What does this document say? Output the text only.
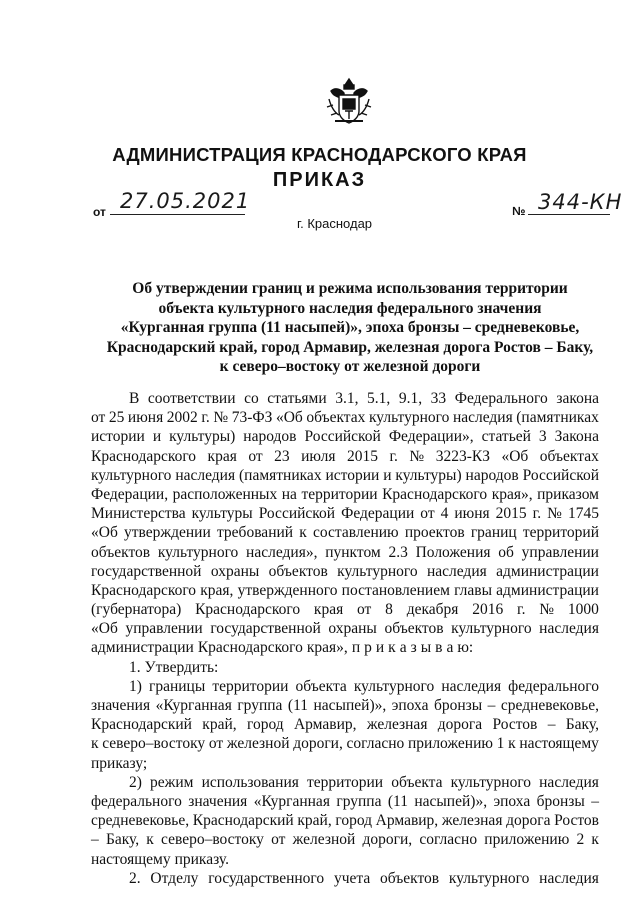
АДМИНИСТРАЦИЯ КРАСНОДАРСКОГО КРАЯ
ПРИКАЗ
от 27.05.2021
г. Краснодар
№ 344-КН
Об утверждении границ и режима использования территории
объекта культурного наследия федерального значения
«Курганная группа (11 насыпей)», эпоха бронзы – средневековье,
Краснодарский край, город Армавир, железная дорога Ростов – Баку,
к северо–востоку от железной дороги
В соответствии со статьями 3.1, 5.1, 9.1, 33 Федерального закона
от 25 июня 2002 г. № 73-ФЗ «Об объектах культурного наследия (памятниках
истории и культуры) народов Российской Федерации», статьей 3 Закона
Краснодарского края от 23 июля 2015 г. № 3223-КЗ «Об объектах
культурного наследия (памятниках истории и культуры) народов Российской
Федерации, расположенных на территории Краснодарского края», приказом
Министерства культуры Российской Федерации от 4 июня 2015 г. № 1745
«Об утверждении требований к составлению проектов границ территорий
объектов культурного наследия», пунктом 2.3 Положения об управлении
государственной охраны объектов культурного наследия администрации
Краснодарского края, утвержденного постановлением главы администрации
(губернатора) Краснодарского края от 8 декабря 2016 г. № 1000
«Об управлении государственной охраны объектов культурного наследия
администрации Краснодарского края», п р и к а з ы в а ю:
1. Утвердить:
1) границы территории объекта культурного наследия федерального
значения «Курганная группа (11 насыпей)», эпоха бронзы – средневековье,
Краснодарский край, город Армавир, железная дорога Ростов – Баку,
к северо–востоку от железной дороги, согласно приложению 1 к настоящему
приказу;
2) режим использования территории объекта культурного наследия
федерального значения «Курганная группа (11 насыпей)», эпоха бронзы –
средневековье, Краснодарский край, город Армавир, железная дорога Ростов
– Баку, к северо–востоку от железной дороги, согласно приложению 2 к
настоящему приказу.
2. Отделу государственного учета объектов культурного наследия
